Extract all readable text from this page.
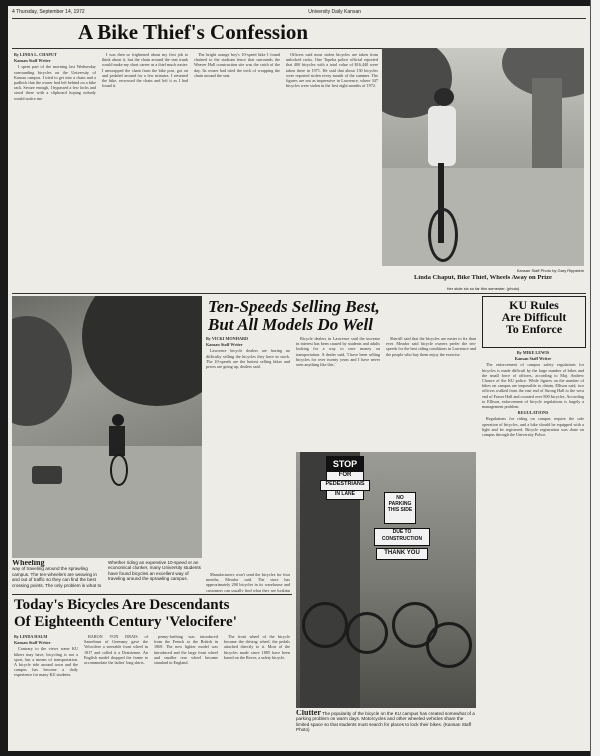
4 Thursday, September 14, 1972	University Daily Kansan

A Bike Thief's Confession

By LINDA L. CHAPUT

Kansan Staff Writer

I spent part of the morning last Wednesday surrounding bicycles on the University of Kansas campus. I tried to get into a chain and a padlock that the owner had left behind on a bike rack. Secure enough, I bypassed a few locks and stood there with a clipboard hoping nobody would notice me.

I was then so frightened about my first job to think about it, but the chain around the seat trunk would make my short career as a thief much easier. I unwrapped the chain from the bike post, got on and pedaled around for a few minutes. I returned the bike, recrossed the chain and left it as I had found it.

The bright orange boy's 10-speed bike I found chained to the stadium fence that surrounds the Weaver Hall construction site was the catch of the day. Its owner had tried the trick of wrapping the chain around the seat.

Officers said most stolen bicycles are taken from unlocked racks. One Topeka police official reported that 400 bicycles with a total value of $16,440 were taken there in 1971. He said that about 130 bicycles were reported stolen every month of the summer. The figures are not as impressive in Lawrence, where 347 bicycles were stolen in the first eight months of 1972.

Kansan Staff Photo by Gary Rippstein
Linda Chaput, Bike Thief, Wheels Away on Prize
Her stole six so far this semester. (photo)
Wheeling
way of traveling around the sprawling campus. The ten-wheelers are weaving in and out of traffic so they can find the best crossing points. The only problem is what to
Whether riding an expensive 10-speed or an economical clunker, many University students have found bicycles an excellent way of traveling around the sprawling campus.
Ten-Speeds Selling Best,
But All Models Do Well

By VICKI MONHARD

Kansan Staff Writer

Lawrence bicycle dealers are having no difficulty selling the bicycles they have in stock. The 10-speeds are the hottest selling bikes and prices are going up, dealers said.

Bicycle dealers in Lawrence said the increase in interest has been caused by students and adults looking for a way to save money on transportation. A dealer said, 'I have been selling bicycles for over twenty years and I have never seen anything like this.'

Sherrill said that the bicycles are easier to fix than ever. Meador said bicycle owners prefer the ten-speeds for the best riding conditions in Lawrence and the people who buy them enjoy the exercise.

STOP
FOR
PEDESTRIANS
IN LANE
NO PARKING THIS SIDE
DUE TO CONSTRUCTION
THANK YOU
Clutter The popularity of the bicycle on the KU campus has created somewhat of a parking problem on warm days. Motorcycles and other wheeled vehicles share the limited space so that students must search for places to lock their bikes. (Kansan Staff Photo)
KU Rules
Are Difficult
To Enforce

By MIKE LEWIS

Kansan Staff Writer

The enforcement of campus safety regulations for bicycles is made difficult by the large number of bikes and the small force of officers, according to Maj. Andrew Chance of the KU police. While figures on the number of bikes on campus are impossible to obtain, Ellison said, two officers walked from the east end of Strong Hall to the west end of Fraser Hall and counted over 800 bicycles. According to Ellison, enforcement of bicycle regulations is largely a management problem.

REGULATIONS

Regulations for riding on campus require the safe operation of bicycles, and a bike should be equipped with a light and be registered. Bicycle registration was done on campus through the University Police.

Today's Bicycles Are Descendants
Of Eighteenth Century 'Velocifere'

By LINDA HALM

Kansan Staff Writer

Contrary to the views some KU bikers may have, bicycling is not a sport, but a means of transportation. A bicycle ride around town and the campus has become a daily experience for many KU students.

BARON VON DRAIS of Sauerbrun of Germany gave the Velocifere a steerable front wheel in 1817 and called it a Draisienne. An English model dropped the frame to accommodate the ladies' long skirts.

penny-farthing was introduced from the French to the British in 1869. The new lighter model was introduced and the large front wheel and smaller rear wheel became standard in England.

The front wheel of the bicycle became the driving wheel, the pedals attached directly to it. Most of the bicycles made since 1885 have been based on the Rover, a safety bicycle.

Manufacturers won't send the bicycles for four months, Meador said. The store has approximately 200 bicycles in its warehouse and customers can usually find what they are looking
